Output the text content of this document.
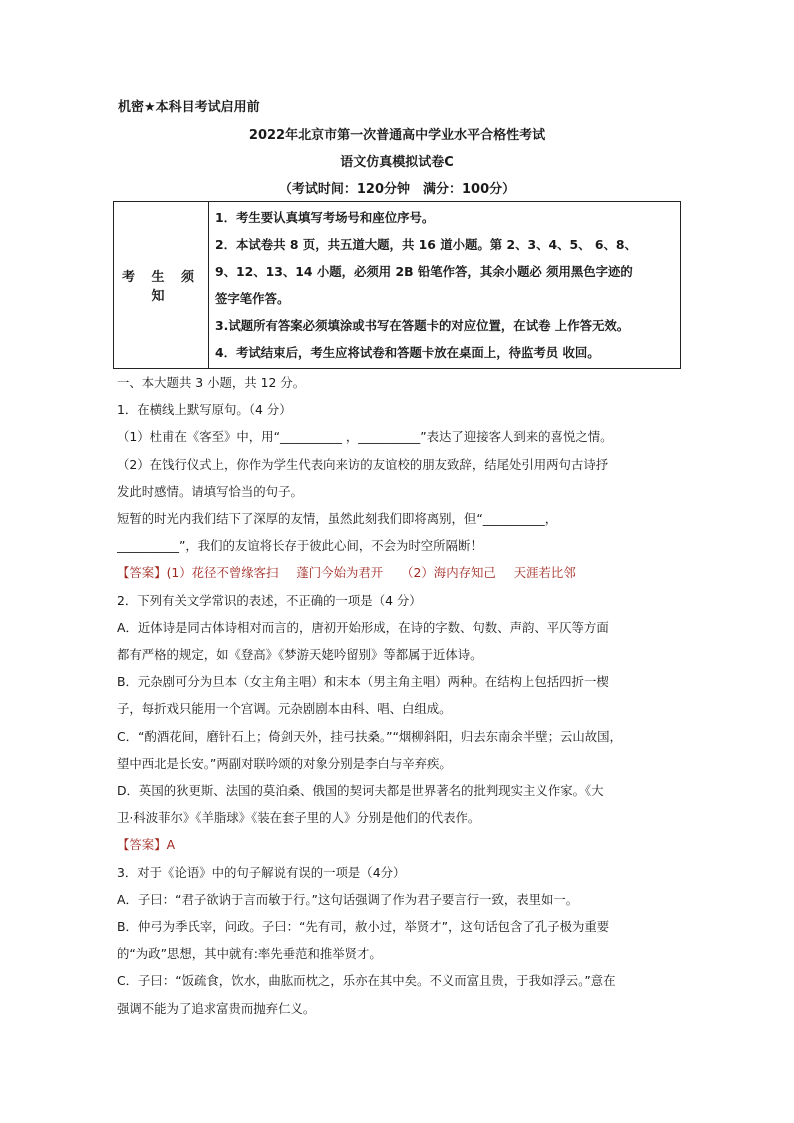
机密★本科目考试启用前
2022年北京市第一次普通高中学业水平合格性考试
语文仿真模拟试卷C
（考试时间：120分钟　满分：100分）
考 生 须 知	
1．考生要认真填写考场号和座位序号。
2．本试卷共 8 页，共五道大题，共 16 道小题。第 2、3、4、5、 6、8、
9、12、13、14 小题，必须用 2B 铅笔作答，其余小题必 须用黑色字迹的
签字笔作答。
3.试题所有答案必须填涂或书写在答题卡的对应位置，在试卷 上作答无效。
4．考试结束后，考生应将试卷和答题卡放在桌面上，待监考员 收回。
一、本大题共 3 小题，共 12 分。
1．在横线上默写原句。（4 分）
（1）杜甫在《客至》中，用“__________ ，__________”表达了迎接客人到来的喜悦之情。
（2）在饯行仪式上，你作为学生代表向来访的友谊校的朋友致辞，结尾处引用两句古诗抒
发此时感情。请填写恰当的句子。
短暂的时光内我们结下了深厚的友情，虽然此刻我们即将离别，但“__________，
__________”，我们的友谊将长存于彼此心间，不会为时空所隔断！
【答案】(1）花径不曾缘客扫 蓬门今始为君开 （2）海内存知己 天涯若比邻
2．下列有关文学常识的表述，不正确的一项是（4 分）
A．近体诗是同古体诗相对而言的，唐初开始形成，在诗的字数、句数、声韵、平仄等方面
都有严格的规定，如《登高》《梦游天姥吟留别》等都属于近体诗。
B．元杂剧可分为旦本（女主角主唱）和末本（男主角主唱）两种。在结构上包括四折一楔
子，每折戏只能用一个宫调。元杂剧剧本由科、唱、白组成。
C．“酌酒花间，磨针石上；倚剑天外，挂弓扶桑。”“烟柳斜阳，归去东南余半壁；云山故国，
望中西北是长安。”两副对联吟颂的对象分别是李白与辛弃疾。
D．英国的狄更斯、法国的莫泊桑、俄国的契诃夫都是世界著名的批判现实主义作家。《大
卫·科波菲尔》《羊脂球》《装在套子里的人》分别是他们的代表作。
【答案】A
3．对于《论语》中的句子解说有误的一项是（4分）
A．子曰：“君子欲讷于言而敏于行。”这句话强调了作为君子要言行一致，表里如一。
B．仲弓为季氏宰，问政。子曰：“先有司，赦小过，举贤才”，这句话包含了孔子极为重要
的“为政”思想，其中就有:率先垂范和推举贤才。
C．子曰：“饭疏食，饮水，曲肱而枕之，乐亦在其中矣。不义而富且贵，于我如浮云。”意在
强调不能为了追求富贵而抛弃仁义。
